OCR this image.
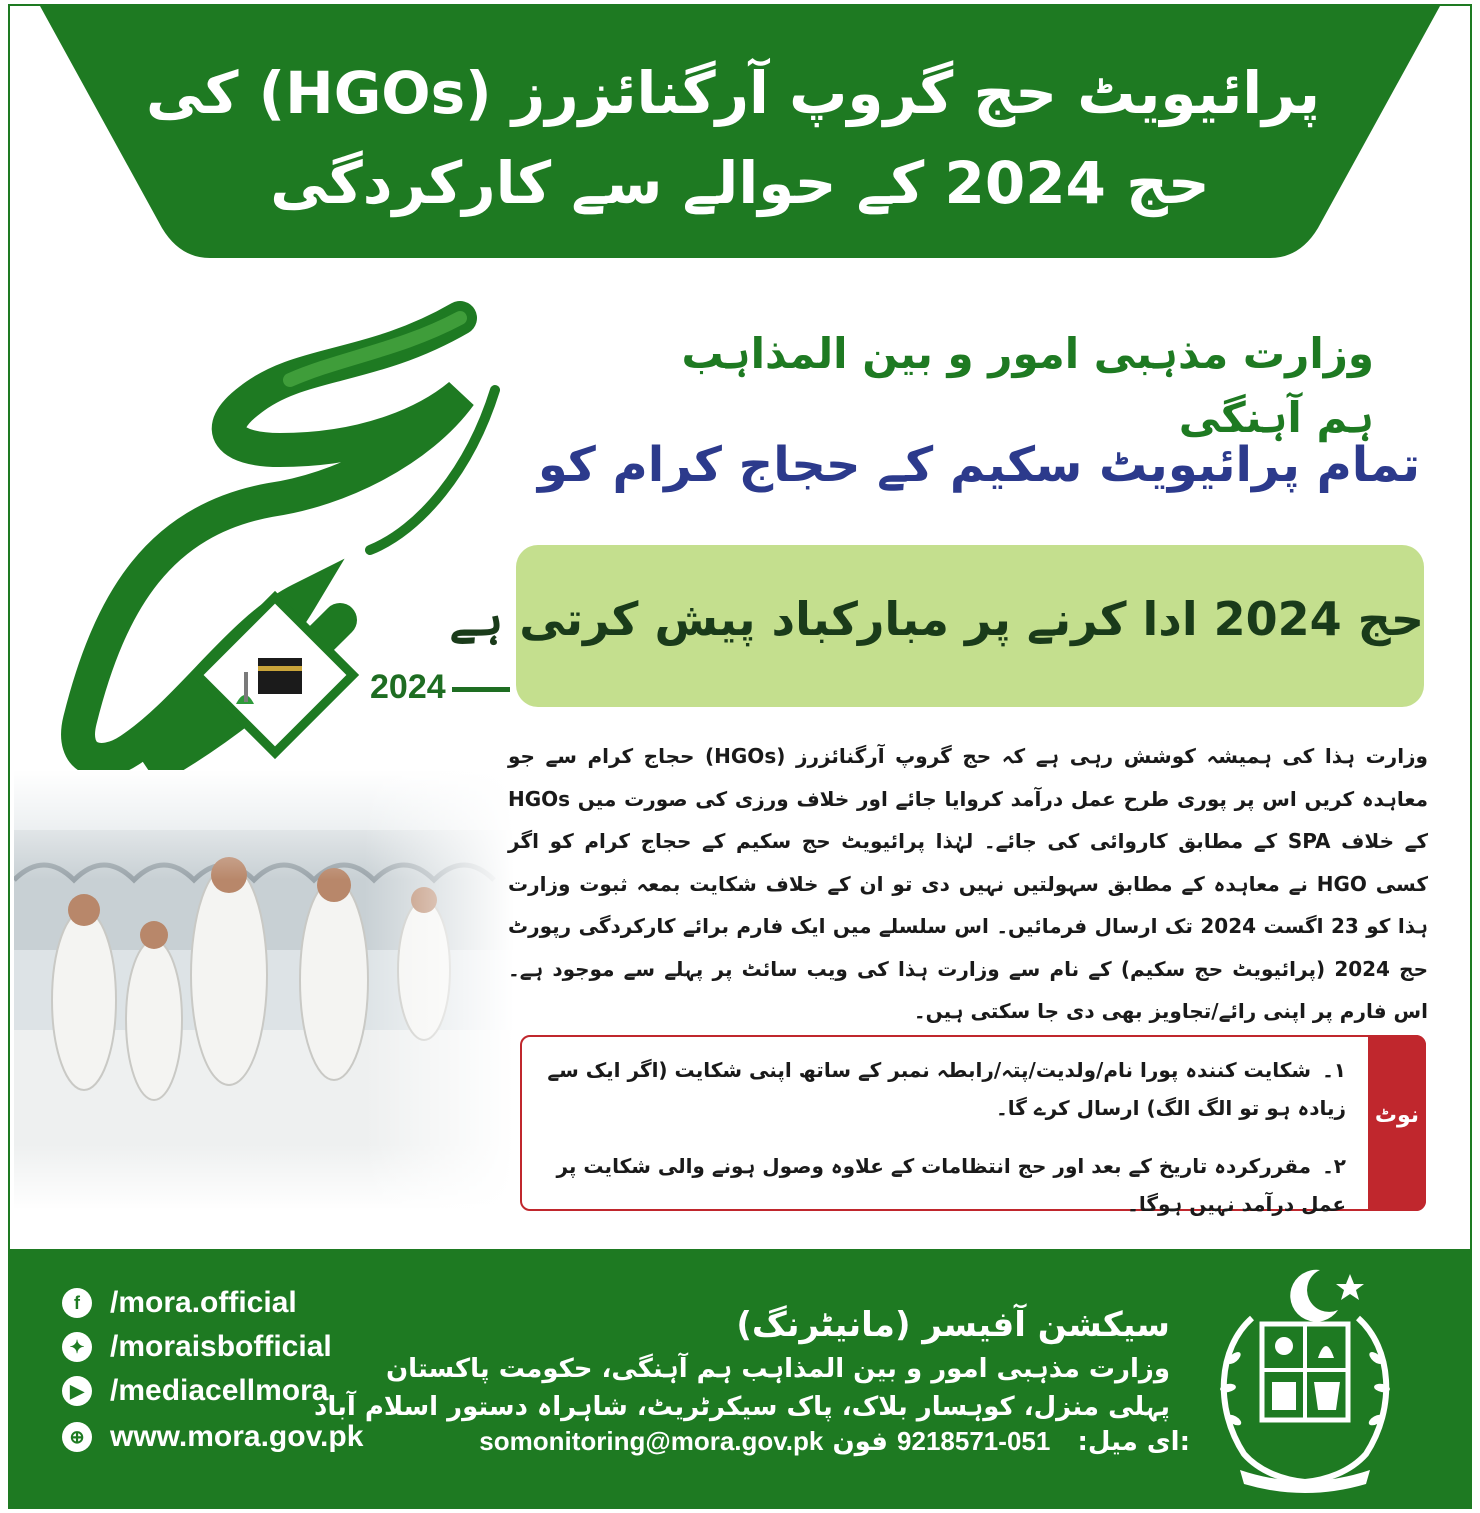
پرائیویٹ حج گروپ آرگنائزرز (HGOs) کی
حج 2024 کے حوالے سے کارکردگی
2024
وزارت مذہبی امور و بین المذاہب ہم آہنگی
تمام پرائیویٹ سکیم کے حجاج کرام کو
حج 2024 ادا کرنے پر مبارکباد پیش کرتی ہے
وزارت ہذا کی ہمیشہ کوشش رہی ہے کہ حج گروپ آرگنائزرز (HGOs) حجاج کرام سے جو معاہدہ کریں اس پر پوری طرح عمل درآمد کروایا جائے اور خلاف ورزی کی صورت میں HGOs کے خلاف SPA کے مطابق کاروائی کی جائے۔ لہٰذا پرائیویٹ حج سکیم کے حجاج کرام کو اگر کسی HGO نے معاہدہ کے مطابق سہولتیں نہیں دی تو ان کے خلاف شکایت بمعہ ثبوت وزارت ہذا کو 23 اگست 2024 تک ارسال فرمائیں۔ اس سلسلے میں ایک فارم برائے کارکردگی رپورٹ حج 2024 (پرائیویٹ حج سکیم) کے نام سے وزارت ہذا کی ویب سائٹ پر پہلے سے موجود ہے۔ اس فارم پر اپنی رائے/تجاویز بھی دی جا سکتی ہیں۔
نوٹ
۱۔ شکایت کنندہ پورا نام/ولدیت/پتہ/رابطہ نمبر کے ساتھ اپنی شکایت (اگر ایک سے زیادہ ہو تو الگ الگ) ارسال کرے گا۔
۲۔ مقررکردہ تاریخ کے بعد اور حج انتظامات کے علاوہ وصول ہونے والی شکایت پر عمل درآمد نہیں ہوگا۔
f /mora.official
✦ /moraisbofficial
▶ /mediacellmora
⊕ www.mora.gov.pk
سیکشن آفیسر (مانیٹرنگ)
وزارت مذہبی امور و بین المذاہب ہم آہنگی، حکومت پاکستان
پہلی منزل، کوہسار بلاک، پاک سیکرٹریٹ، شاہراہ دستور اسلام آباد
somonitoring@mora.gov.pk	ای میل:   051-9218571 فون:
